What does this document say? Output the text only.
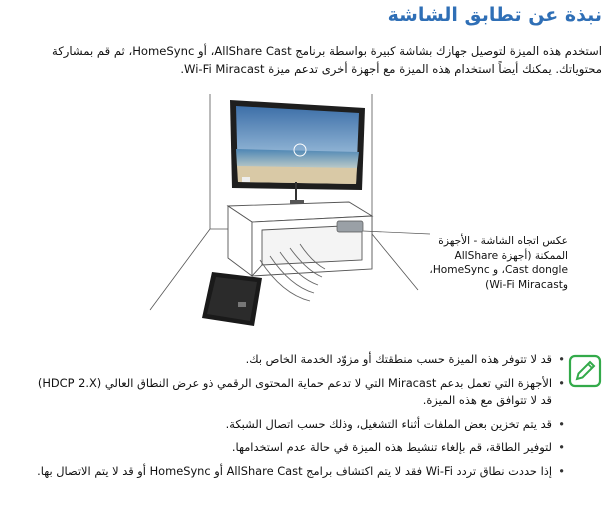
نبذة عن تطابق الشاشة

استخدم هذه الميزة لتوصيل جهازك بشاشة كبيرة بواسطة برنامج AllShare Cast، أو HomeSync، ثم قم بمشاركة محتوياتك. يمكنك أيضاً استخدام هذه الميزة مع أجهزة أخرى تدعم ميزة Wi-Fi Miracast.

عكس اتجاه الشاشة - الأجهزة الممكنة (أجهزة AllShare Cast dongle، و HomeSync، وWi-Fi Miracast)

• قد لا تتوفر هذه الميزة حسب منطقتك أو مزوّد الخدمة الخاص بك.
• الأجهزة التي تعمل بدعم Miracast التي لا تدعم حماية المحتوى الرقمي ذو عرض النطاق العالي (HDCP 2.X) قد لا تتوافق مع هذه الميزة.
• قد يتم تخزين بعض الملفات أثناء التشغيل، وذلك حسب اتصال الشبكة.
• لتوفير الطاقة، قم بإلغاء تنشيط هذه الميزة في حالة عدم استخدامها.
• إذا حددت نطاق تردد Wi-Fi فقد لا يتم اكتشاف برامج AllShare Cast أو HomeSync أو قد لا يتم الاتصال بها.
